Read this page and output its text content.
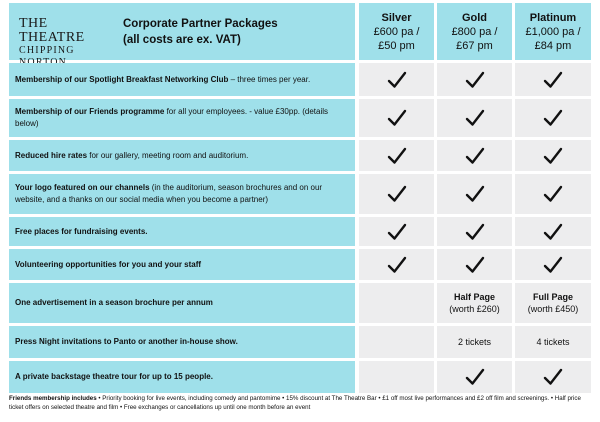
THE THEATRE
CHIPPING
Corporate Partner Packages
(all costs are ex. VAT)
Silver
£600 pa /
£50 pm
Gold
£800 pa /
£67 pm
Platinum
£1,000 pa /
£84 pm
Membership of our Spotlight Breakfast Networking Club – three times per year.
Membership of our Friends programme for all your employees. - value £30pp. (details below)
Reduced hire rates for our gallery, meeting room and auditorium.
Your logo featured on our channels (in the auditorium, season brochures and on our website, and a thanks on our social media when you become a partner)
Free places for fundraising events.
Volunteering opportunities for you and your staff
One advertisement in a season brochure per annum
Half Page
(worth £260)
Full Page
(worth £450)
Press Night invitations to Panto or another in-house show.	2 tickets	4 tickets
A private backstage theatre tour for up to 15 people.
Friends membership includes • Priority booking for live events, including comedy and pantomime • 15% discount at The Theatre Bar • £1 off most live performances and £2 off film and screenings. • Half price ticket offers on selected theatre and film • Free exchanges or cancellations up until one month before an event
